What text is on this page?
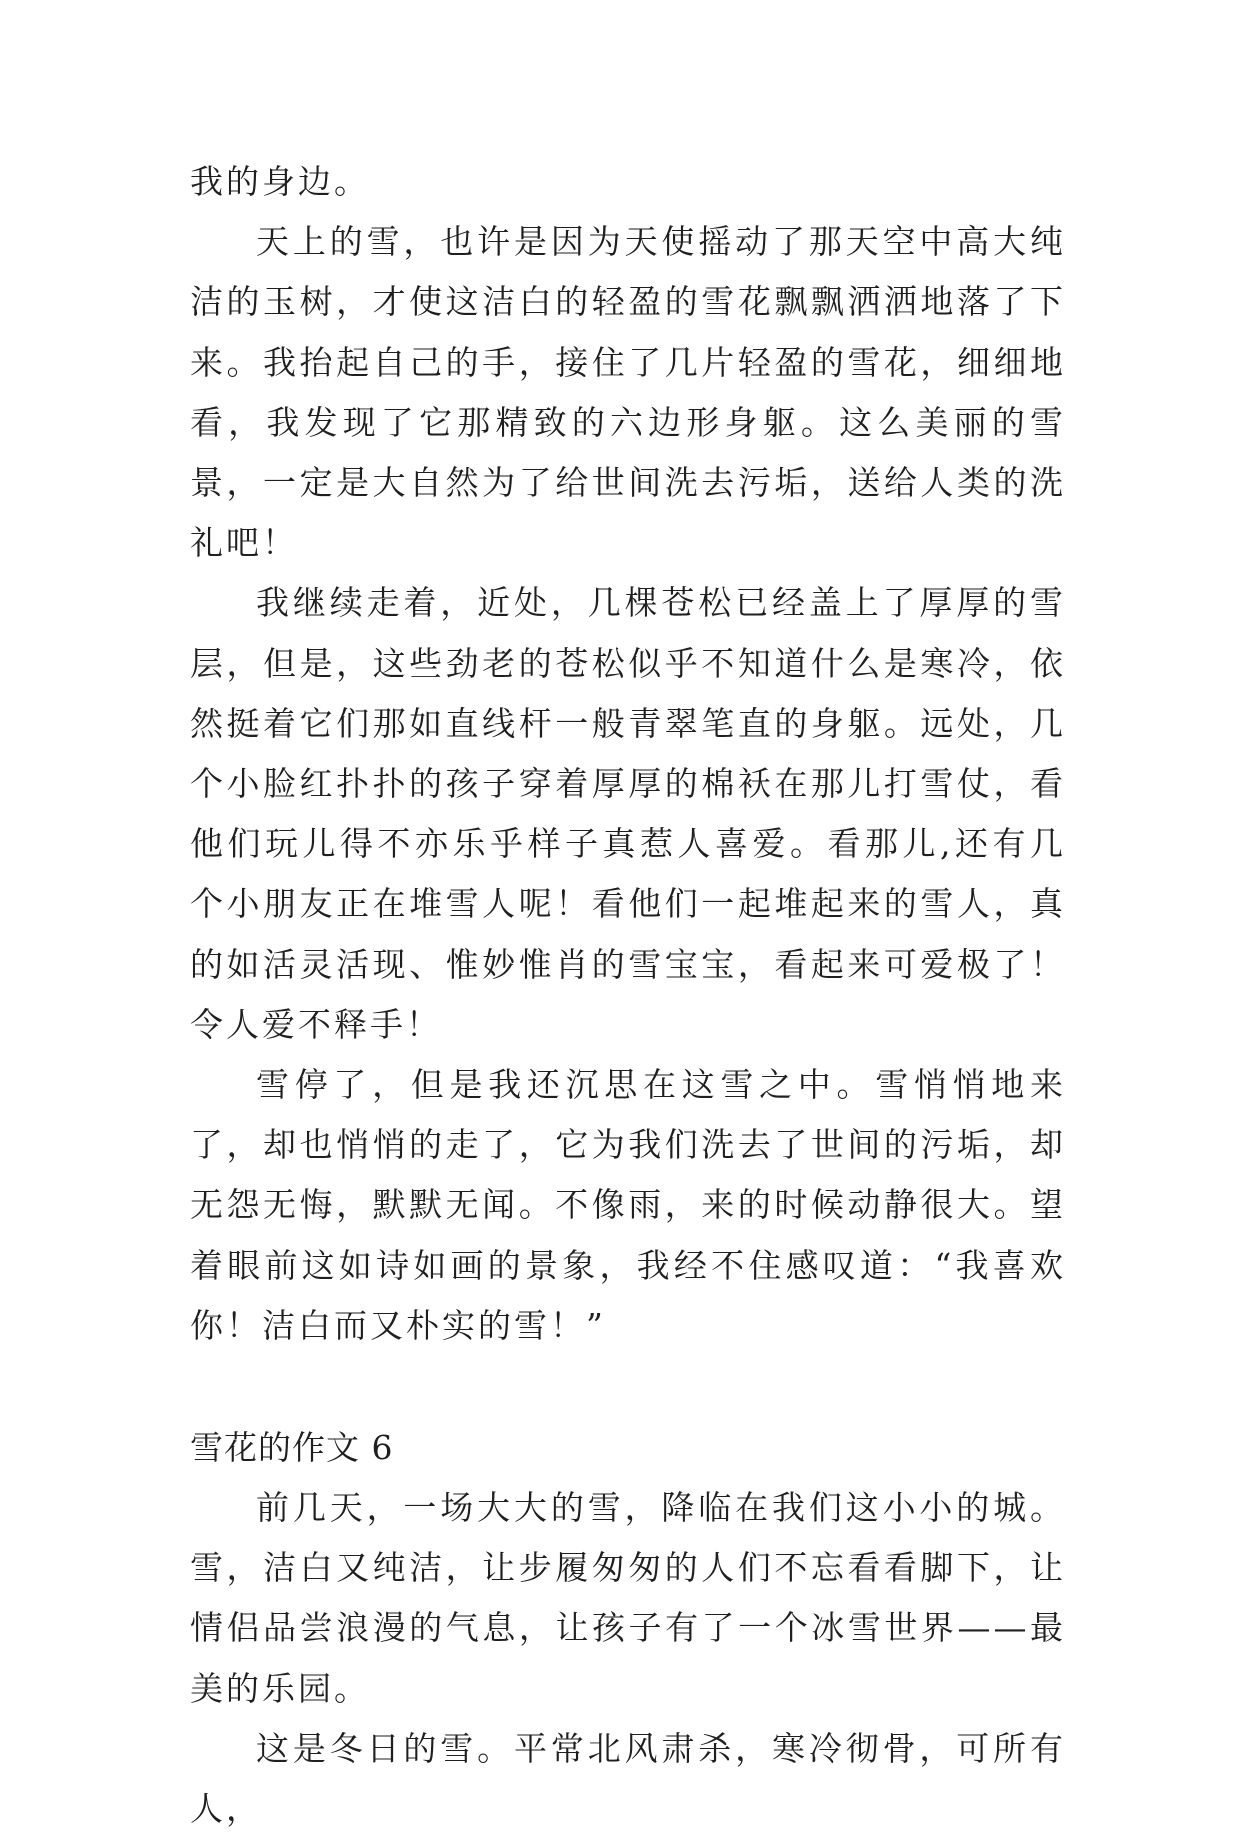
我的身边。

天上的雪，也许是因为天使摇动了那天空中高大纯洁的玉树，才使这洁白的轻盈的雪花飘飘洒洒地落了下来。我抬起自己的手，接住了几片轻盈的雪花，细细地看，我发现了它那精致的六边形身躯。这么美丽的雪景，一定是大自然为了给世间洗去污垢，送给人类的洗礼吧！

我继续走着，近处，几棵苍松已经盖上了厚厚的雪层，但是，这些劲老的苍松似乎不知道什么是寒冷，依然挺着它们那如直线杆一般青翠笔直的身躯。远处，几个小脸红扑扑的孩子穿着厚厚的棉袄在那儿打雪仗，看他们玩儿得不亦乐乎样子真惹人喜爱。看那儿,还有几个小朋友正在堆雪人呢！看他们一起堆起来的雪人，真的如活灵活现、惟妙惟肖的雪宝宝，看起来可爱极了！令人爱不释手！

雪停了，但是我还沉思在这雪之中。雪悄悄地来了，却也悄悄的走了，它为我们洗去了世间的污垢，却无怨无悔，默默无闻。不像雨，来的时候动静很大。望着眼前这如诗如画的景象，我经不住感叹道：“我喜欢你！洁白而又朴实的雪！”

雪花的作文 6

前几天，一场大大的雪，降临在我们这小小的城。雪，洁白又纯洁，让步履匆匆的人们不忘看看脚下，让情侣品尝浪漫的气息，让孩子有了一个冰雪世界——最美的乐园。

这是冬日的雪。平常北风肃杀，寒冷彻骨，可所有人，
